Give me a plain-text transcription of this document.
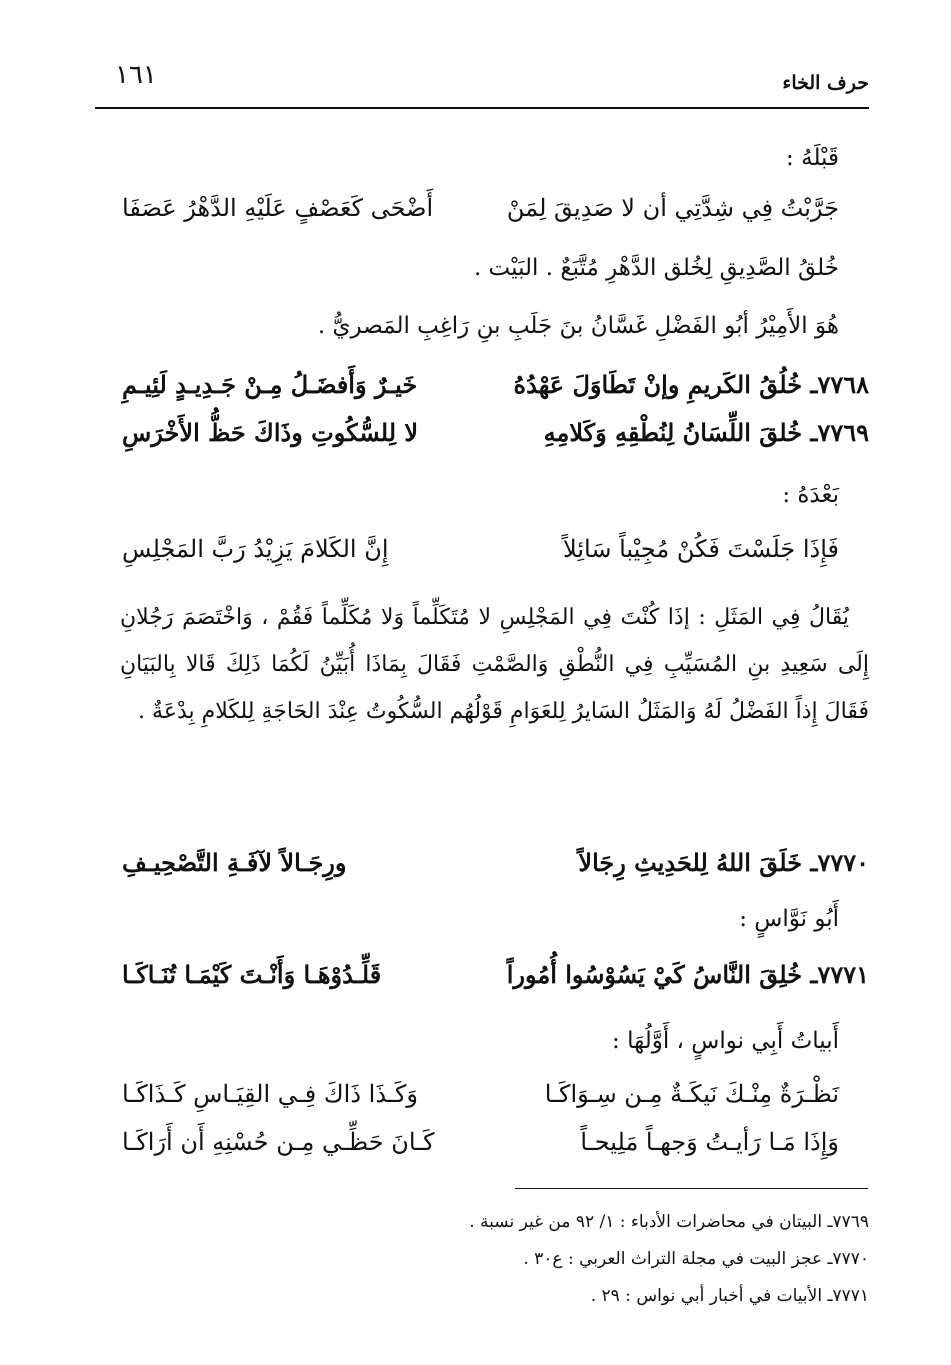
حرف الخاء
١٦١
قَبْلَهُ :
جَرَّبْتُ فِي شِدَّتِي أن لا صَدِيقَ لِمَنْ
أَضْحَى كَعَصْفٍ عَلَيْهِ الدَّهْرُ عَصَفَا
خُلقُ الصَّدِيقِ لِخُلق الدَّهْرِ مُتَّبَعٌ . البَيْت .
هُوَ الأَمِيْرُ أبُو الفَضْلِ غَسَّانُ بنَ جَلَبِ بنِ رَاغِبِ المَصريُّ .
٧٧٦٨ـ خُلُقُ الكَريمِ وإنْ تَطَاوَلَ عَهْدُهُ
خَيـرٌ وَأَفضَـلُ مِـنْ جَـدِيـدٍ لَئِيـمِ
٧٧٦٩ـ خُلقَ اللِّسَانُ لِنُطْقِهِ وَكَلامِهِ
لا لِلسُّكُوتِ وذَاكَ حَظُّ الأَخْرَسِ
بَعْدَهُ :
فَإِذَا جَلَسْتَ فَكُنْ مُجِيْباً سَائِلاً
إِنَّ الكَلامَ يَزِيْدُ رَبَّ المَجْلِسِ
يُقَالُ فِي المَثَلِ : إذَا كُنْتَ فِي المَجْلِسِ لا مُتَكَلِّماً وَلا مُكَلِّماً فَقُمْ ، وَاخْتَصَمَ رَجُلانِ إِلَى سَعِيدِ بنِ المُسَيِّبِ فِي النُّطْقِ وَالصَّمْتِ فَقَالَ بِمَاذَا أُبَيِّنُ لَكُمَا ذَلِكَ قَالا بِالبَيَانِ فَقَالَ إِذاً الفَضْلُ لَهُ وَالمَثَلُ السَايرُ لِلعَوَامِ قَوْلُهُم السُّكُوتُ عِنْدَ الحَاجَةِ لِلكَلامِ بِدْعَةٌ .
٧٧٧٠ـ خَلَقَ اللهُ لِلحَدِيثِ رِجَالاً
ورِجَـالاً لآفَـةِ التَّصْحِيـفِ
أَبُو نَوَّاسٍ :
٧٧٧١ـ خُلِقَ النَّاسُ كَيْ يَسُوْسُوا أُمُوراً
قَلِّـدُوْهَـا وَأَنْـتَ كَيْمَـا تُنَـاكَـا
أَبياتُ أَبِي نواسٍ ، أَوَّلُهَا :
نَظْـرَةٌ مِنْـكَ نَيكَـةٌ مِـن سِـوَاكَـا
وَكَـذَا ذَاكَ فِـي القِيَـاسِ كَـذَاكَـا
وَإِذَا مَـا رَأيـتُ وَجهـاً مَلِيحـاً
كَـانَ حَظِّـي مِـن حُسْنِهِ أَن أَرَاكَـا
٧٧٦٩ـ البيتان في محاضرات الأدباء : ١/ ٩٢ من غير نسبة .
٧٧٧٠ـ عجز البيت في مجلة التراث العربي : ع٣٠ .
٧٧٧١ـ الأبيات في أخبار أبي نواس : ٢٩ .
